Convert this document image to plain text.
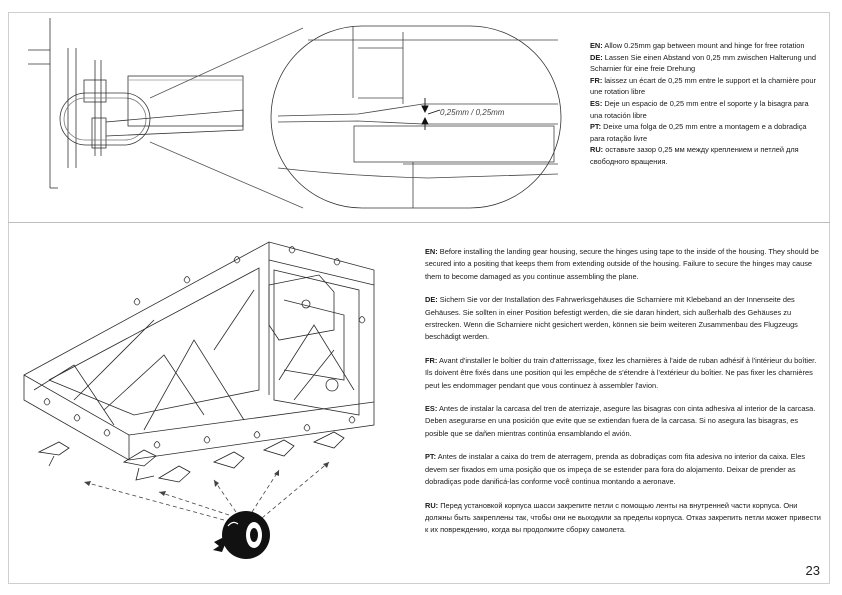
0,25mm / 0,25mm

EN: Allow 0.25mm gap between mount and hinge for free rotation

DE: Lassen Sie einen Abstand von 0,25 mm zwischen Halterung und Scharnier für eine freie Drehung

FR: laissez un écart de 0,25 mm entre le support et la charnière pour une rotation libre

ES: Deje un espacio de 0,25 mm entre el soporte y la bisagra para una rotación libre

PT: Deixe uma folga de 0,25 mm entre a montagem e a dobradiça para rotação livre

RU: оставьте зазор 0,25 мм между креплением и петлей для свободного вращения.

EN: Before installing the landing gear housing, secure the hinges using tape to the inside of the housing. They should be secured into a positing that keeps them from extending outside of the housing. Failure to secure the hinges may cause them to become damaged as you continue assembling the plane.

DE: Sichern Sie vor der Installation des Fahrwerksgehäuses die Scharniere mit Klebeband an der Innenseite des Gehäuses. Sie sollten in einer Position befestigt werden, die sie daran hindert, sich außerhalb des Gehäuses zu erstrecken. Wenn die Scharniere nicht gesichert werden, können sie beim weiteren Zusammenbau des Flugzeugs beschädigt werden.

FR: Avant d'installer le boîtier du train d'atterrissage, fixez les charnières à l'aide de ruban adhésif à l'intérieur du boîtier. Ils doivent être fixés dans une position qui les empêche de s'étendre à l'extérieur du boîtier. Ne pas fixer les charnières peut les endommager pendant que vous continuez à assembler l'avion.

ES: Antes de instalar la carcasa del tren de aterrizaje, asegure las bisagras con cinta adhesiva al interior de la carcasa. Deben asegurarse en una posición que evite que se extiendan fuera de la carcasa. Si no asegura las bisagras, es posible que se dañen mientras continúa ensamblando el avión.

PT: Antes de instalar a caixa do trem de aterragem, prenda as dobradiças com fita adesiva no interior da caixa. Eles devem ser fixados em uma posição que os impeça de se estender para fora do alojamento. Deixar de prender as dobradiças pode danificá-las conforme você continua montando a aeronave.

RU: Перед установкой корпуса шасси закрепите петли с помощью ленты на внутренней части корпуса. Они должны быть закреплены так, чтобы они не выходили за пределы корпуса. Отказ закрепить петли может привести к их повреждению, когда вы продолжите сборку самолета.

23
